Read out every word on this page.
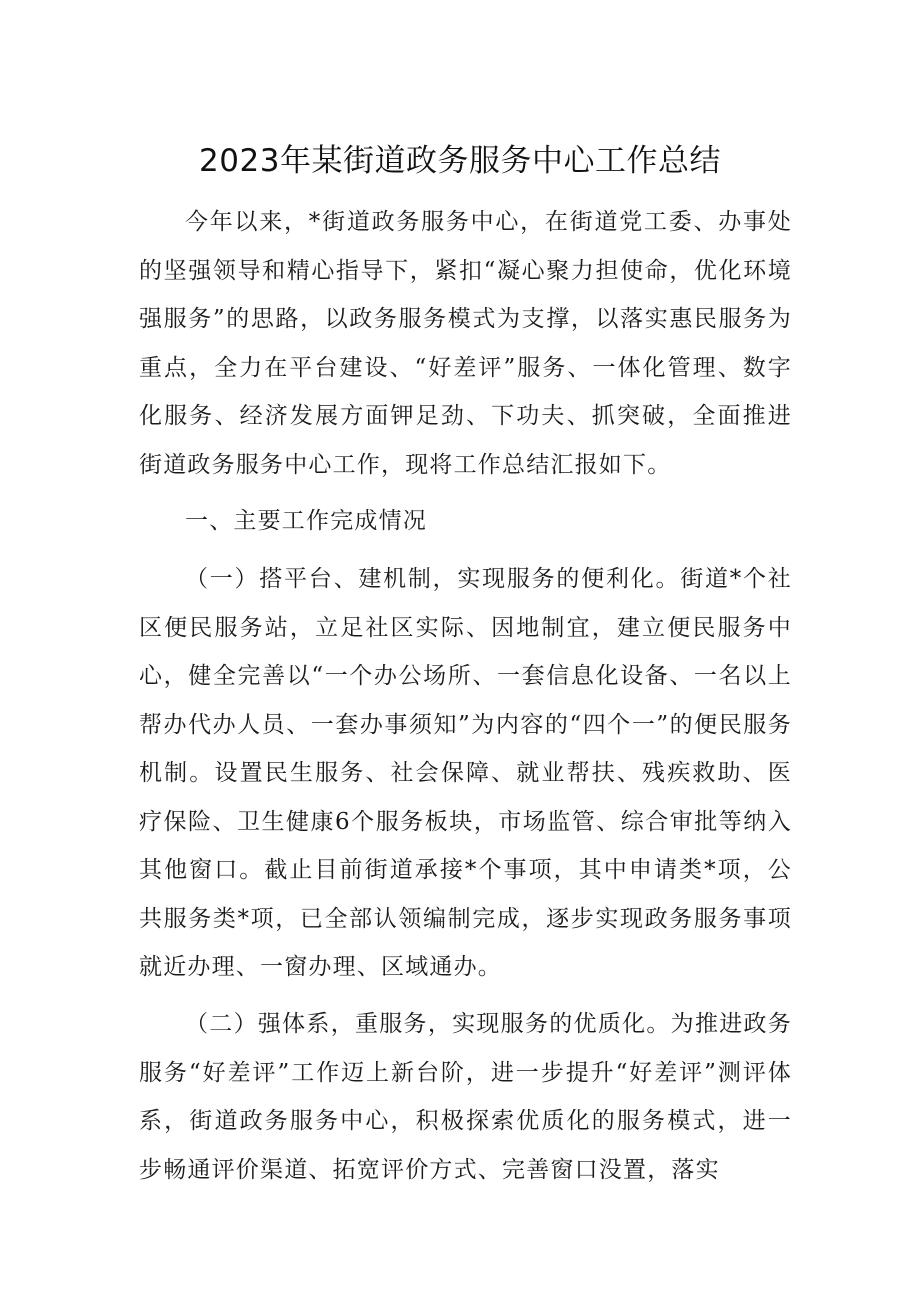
2023年某街道政务服务中心工作总结

今年以来，*街道政务服务中心，在街道党工委、办事处的坚强领导和精心指导下，紧扣“凝心聚力担使命，优化环境强服务”的思路，以政务服务模式为支撑，以落实惠民服务为重点，全力在平台建设、“好差评”服务、一体化管理、数字化服务、经济发展方面钾足劲、下功夫、抓突破，全面推进街道政务服务中心工作，现将工作总结汇报如下。

一、主要工作完成情况

（一）搭平台、建机制，实现服务的便利化。街道*个社区便民服务站，立足社区实际、因地制宜，建立便民服务中心，健全完善以“一个办公场所、一套信息化设备、一名以上帮办代办人员、一套办事须知”为内容的“四个一”的便民服务机制。设置民生服务、社会保障、就业帮扶、残疾救助、医疗保险、卫生健康6个服务板块，市场监管、综合审批等纳入其他窗口。截止目前街道承接*个事项，其中申请类*项，公共服务类*项，已全部认领编制完成，逐步实现政务服务事项就近办理、一窗办理、区域通办。

（二）强体系，重服务，实现服务的优质化。为推进政务服务“好差评”工作迈上新台阶，进一步提升“好差评”测评体系，街道政务服务中心，积极探索优质化的服务模式，进一步畅通评价渠道、拓宽评价方式、完善窗口没置，落实
